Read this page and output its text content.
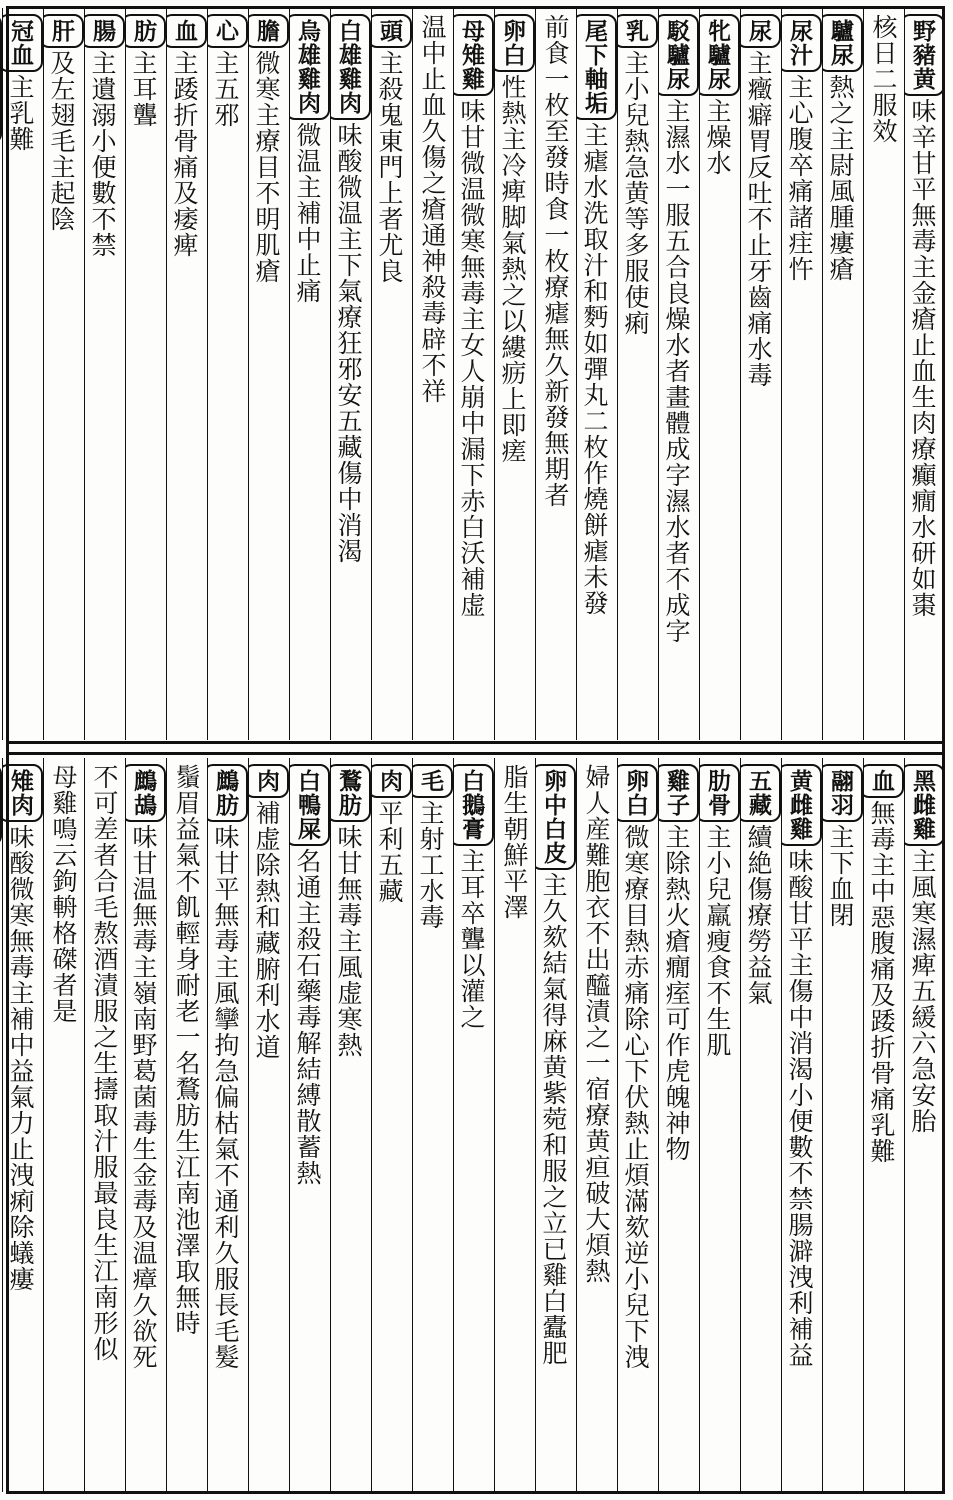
野豬黄味辛甘平無毒主金瘡止血生肉療癲癇水研如棗
核日二服效
驢尿熱之主尉風腫瘻瘡
尿汁主心腹卒痛諸疰忤
尿主癥癖胃反吐不止牙齒痛水毒
牝驢尿主燥水
駁驢尿主濕水一服五合良燥水者畫體成字濕水者不成字
乳主小兒熱急黄等多服使痢
尾下軸垢主瘧水洗取汁和麪如彈丸二枚作燒餅瘧未發
前食一枚至發時食一枚療瘧無久新發無期者
卵白性熱主冷痺脚氣熱之以縷疬上即瘥
母雉雞味甘微温微寒無毒主女人崩中漏下赤白沃補虚
温中止血久傷之瘡通神殺毒辟不祥
頭主殺鬼東門上者尤良
白雄雞肉味酸微温主下氣療狂邪安五藏傷中消渴
烏雄雞肉微温主補中止痛
膽微寒主療目不明肌瘡
心主五邪
血主踒折骨痛及痿痺
肪主耳聾
腸主遺溺小便數不禁
肝及左翅毛主起陰
冠血主乳難
黑雌雞主風寒濕痺五緩六急安胎
血無毒主中惡腹痛及踒折骨痛乳難
翮羽主下血閉
黄雌雞味酸甘平主傷中消渴小便數不禁腸澼洩利補益
五藏續絶傷療勞益氣
肋骨主小兒羸瘦食不生肌
雞子主除熱火瘡癇痓可作虎魄神物
卵白微寒療目熱赤痛除心下伏熱止煩滿欬逆小兒下洩
婦人産難胞衣不出醯漬之一宿療黄疸破大煩熱
卵中白皮主久欬結氣得麻黄紫菀和服之立已雞白蠹肥
脂生朝鮮平澤
白鵝膏主耳卒聾以灌之
毛主射工水毒
肉平利五藏
鶩肪味甘無毒主風虚寒熱
白鴨屎名通主殺石藥毒解結縛散蓄熱
肉補虚除熱和藏腑利水道
鷓肪味甘平無毒主風攣拘急偏枯氣不通利久服長毛髮
鬚眉益氣不飢輕身耐老一名鶩肪生江南池澤取無時
鷓鴣味甘温無毒主嶺南野葛菌毒生金毒及温瘴久欲死
不可差者合毛熬酒漬服之生擣取汁服最良生江南形似
母雞鳴云鉤輈格磔者是
雉肉味酸微寒無毒主補中益氣力止洩痢除蟻瘻
